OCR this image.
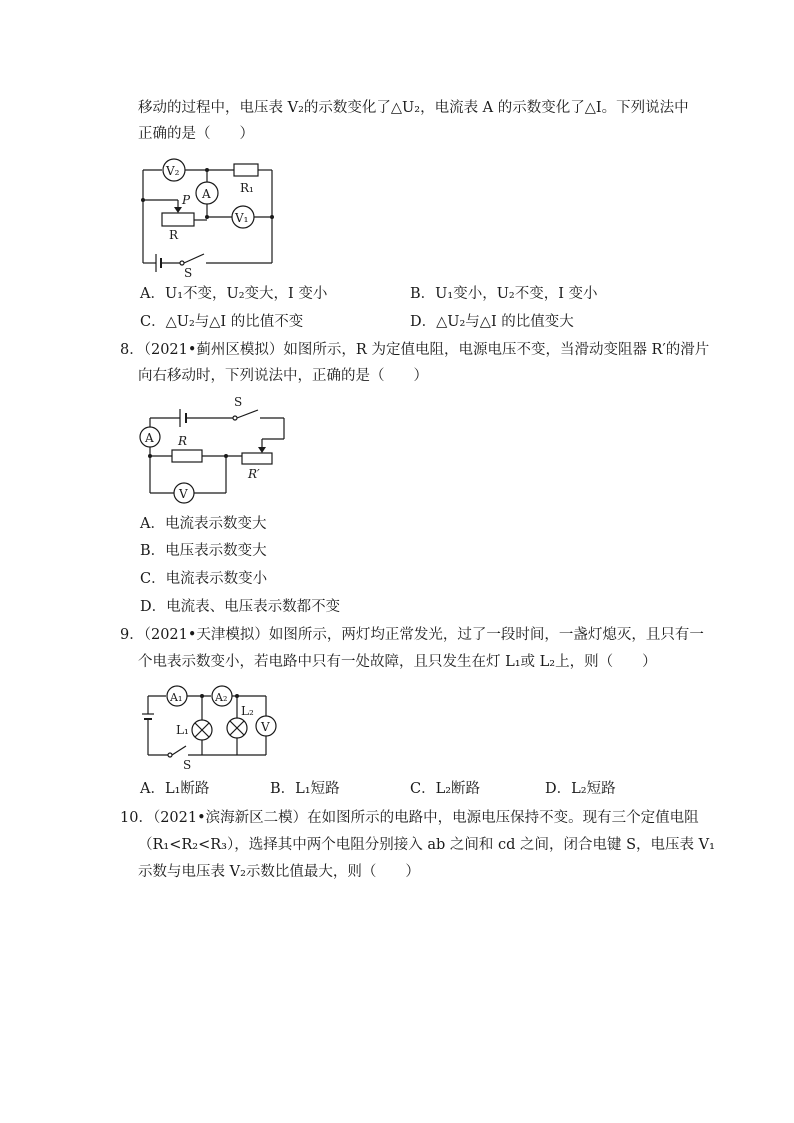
移动的过程中，电压表 V₂的示数变化了△U₂，电流表 A 的示数变化了△I。下列说法中
正确的是（　　）
V₂
R₁
A
V₁
P
R
S
A．U₁不变，U₂变大，I 变小	B．U₁变小，U₂不变，I 变小
C．△U₂与△I 的比值不变	D．△U₂与△I 的比值变大
8．（2021•蓟州区模拟）如图所示，R 为定值电阻，电源电压不变，当滑动变阻器 R′的滑片
向右移动时，下列说法中，正确的是（　　）
S
A R
R′
V
A．电流表示数变大
B．电压表示数变大
C．电流表示数变小
D．电流表、电压表示数都不变
9．（2021•天津模拟）如图所示，两灯均正常发光，过了一段时间，一盏灯熄灭，且只有一
个电表示数变小，若电路中只有一处故障，且只发生在灯 L₁或 L₂上，则（　　）
A₁	A₂
V
L₁
L₂
S
A．L₁断路	B．L₁短路	C．L₂断路	D．L₂短路
10．（2021•滨海新区二模）在如图所示的电路中，电源电压保持不变。现有三个定值电阻
（R₁<R₂<R₃），选择其中两个电阻分别接入 ab 之间和 cd 之间，闭合电键 S，电压表 V₁
示数与电压表 V₂示数比值最大，则（　　）
